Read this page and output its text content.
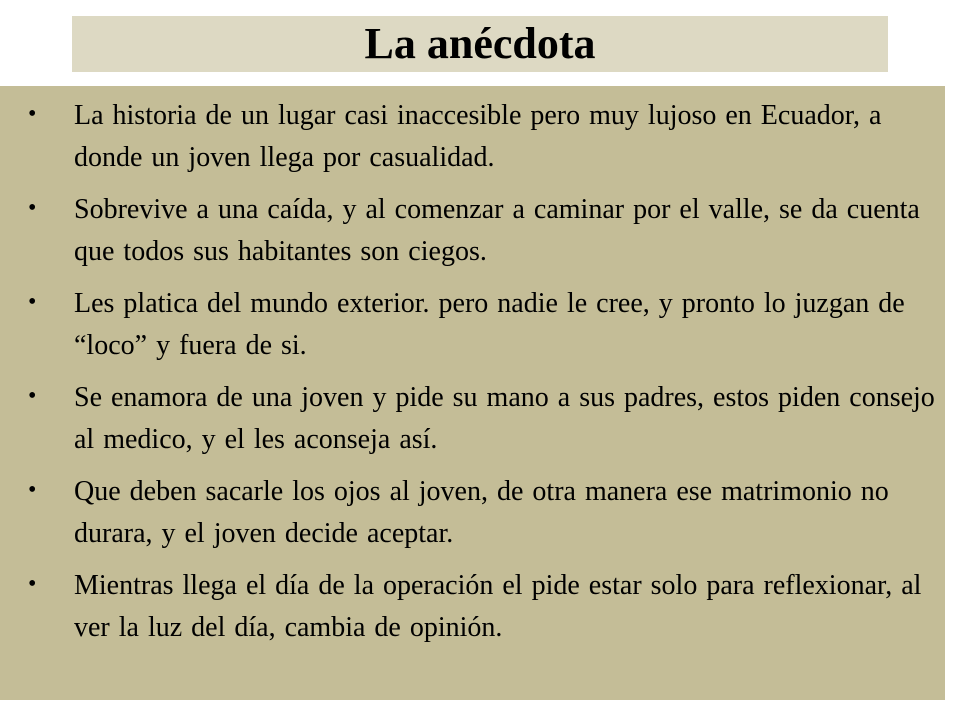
La anécdota
• La historia de un lugar casi inaccesible pero muy lujoso en Ecuador, a donde un joven llega por casualidad.
• Sobrevive a una caída, y al comenzar a caminar por el valle, se da cuenta que todos sus habitantes son ciegos.
• Les platica del mundo exterior. pero nadie le cree, y pronto lo juzgan de “loco” y fuera de si.
• Se enamora de una joven y pide su mano a sus padres, estos piden consejo al medico, y el les aconseja así.
• Que deben sacarle los ojos al joven, de otra manera ese matrimonio no durara, y el joven decide aceptar.
• Mientras llega el día de la operación el pide estar solo para reflexionar, al ver la luz del día, cambia de opinión.
